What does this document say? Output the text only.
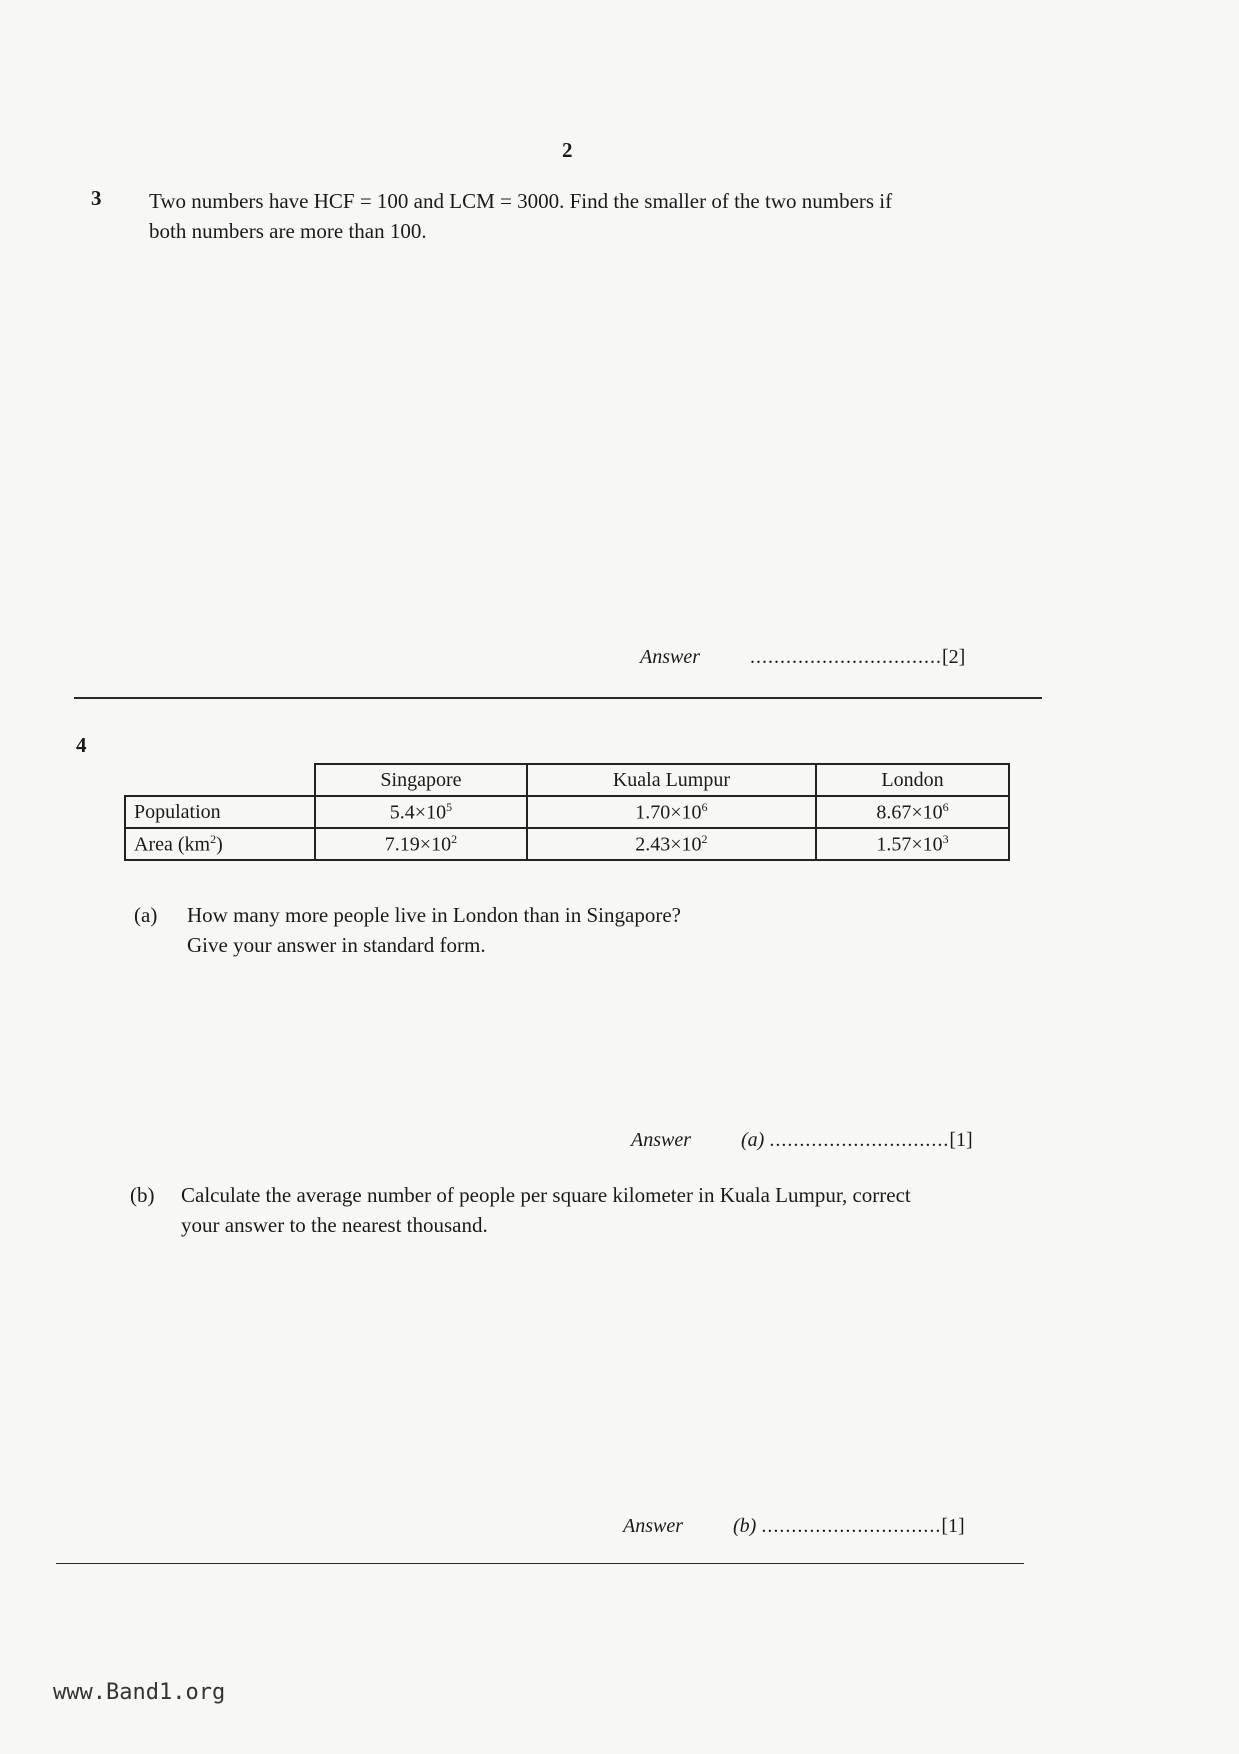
2
3 Two numbers have HCF = 100 and LCM = 3000. Find the smaller of the two numbers if
both numbers are more than 100.
Answer	................................[2]
4
	Singapore	Kuala Lumpur	London
Population	$5.4\times 10^5$	$1.70\times 10^6$	$8.67\times 10^6$
Area $(km^2)$	$7.19\times 10^2$	$2.43\times 10^2$	$1.57\times 10^3$
(a) How many more people live in London than in Singapore?
Give your answer in standard form.
Answer	(a) ..............................[1]
(b) Calculate the average number of people per square kilometer in Kuala Lumpur, correct
your answer to the nearest thousand.
Answer	(b) ..............................[1]
www.Band1.org
